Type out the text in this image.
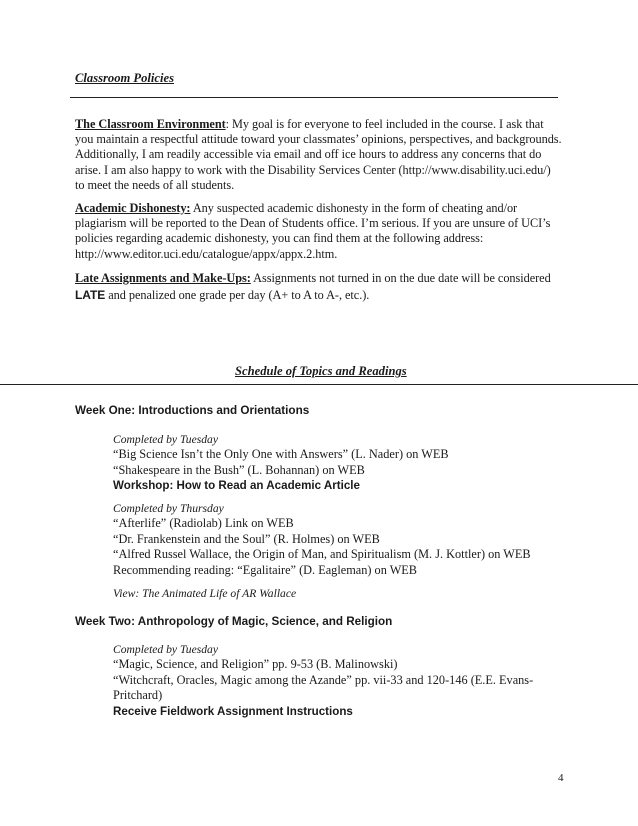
Classroom Policies

The Classroom Environment: My goal is for everyone to feel included in the course. I ask that you maintain a respectful attitude toward your classmates’ opinions, perspectives, and backgrounds. Additionally, I am readily accessible via email and off ice hours to address any concerns that do arise. I am also happy to work with the Disability Services Center (http://www.disability.uci.edu/) to meet the needs of all students.

Academic Dishonesty: Any suspected academic dishonesty in the form of cheating and/or plagiarism will be reported to the Dean of Students office. I’m serious. If you are unsure of UCI’s policies regarding academic dishonesty, you can find them at the following address: http://www.editor.uci.edu/catalogue/appx/appx.2.htm.

Late Assignments and Make-Ups: Assignments not turned in on the due date will be considered LATE and penalized one grade per day (A+ to A to A-, etc.).

Schedule of Topics and Readings
Week One: Introductions and Orientations
Completed by Tuesday
“Big Science Isn’t the Only One with Answers” (L. Nader) on WEB
“Shakespeare in the Bush” (L. Bohannan) on WEB
Workshop: How to Read an Academic Article
Completed by Thursday
“Afterlife” (Radiolab) Link on WEB
“Dr. Frankenstein and the Soul” (R. Holmes) on WEB
“Alfred Russel Wallace, the Origin of Man, and Spiritualism (M. J. Kottler) on WEB
Recommending reading: “Egalitaire” (D. Eagleman) on WEB
View: The Animated Life of AR Wallace
Week Two: Anthropology of Magic, Science, and Religion
Completed by Tuesday
“Magic, Science, and Religion” pp. 9-53 (B. Malinowski)
“Witchcraft, Oracles, Magic among the Azande” pp. vii-33 and 120-146 (E.E. Evans-Pritchard)
Receive Fieldwork Assignment Instructions
4
